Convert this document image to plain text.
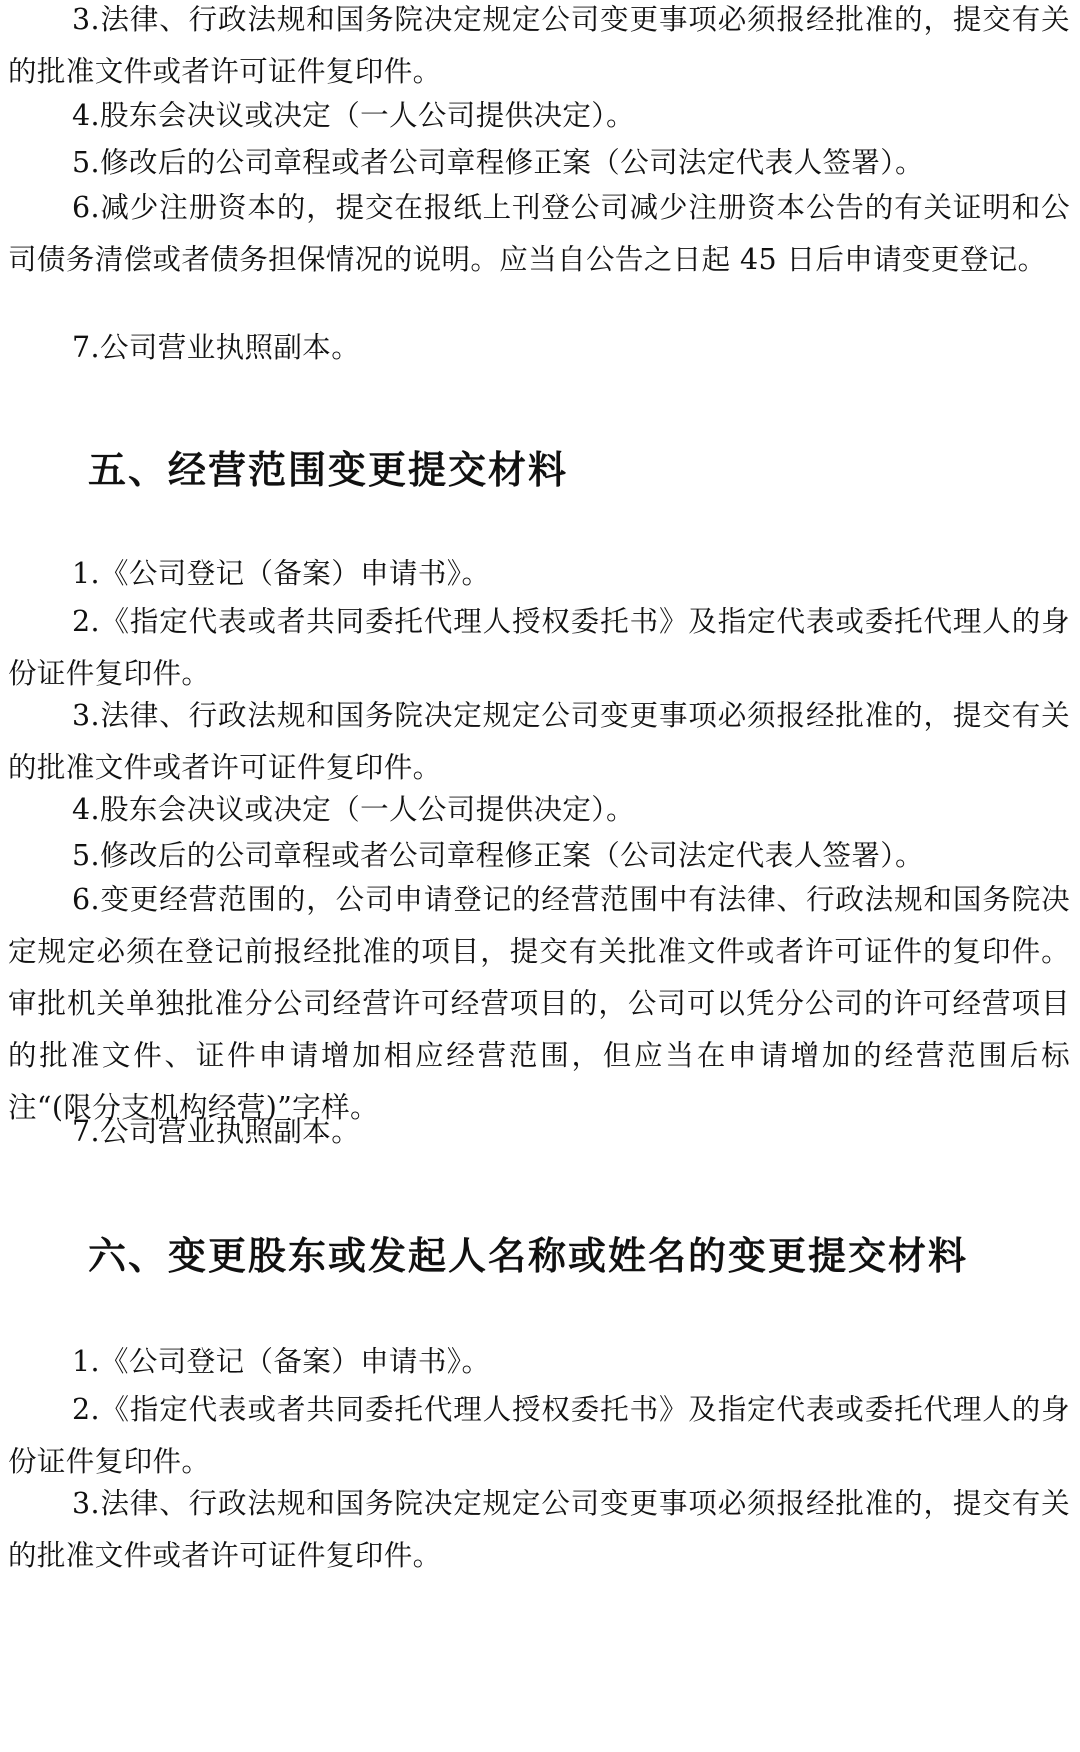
3.法律、行政法规和国务院决定规定公司变更事项必须报经批准的，提交有关的批准文件或者许可证件复印件。

4.股东会决议或决定（一人公司提供决定）。

5.修改后的公司章程或者公司章程修正案（公司法定代表人签署）。

6.减少注册资本的，提交在报纸上刊登公司减少注册资本公告的有关证明和公司债务清偿或者债务担保情况的说明。应当自公告之日起 45 日后申请变更登记。

7.公司营业执照副本。

五、经营范围变更提交材料

1.《公司登记（备案）申请书》。

2.《指定代表或者共同委托代理人授权委托书》及指定代表或委托代理人的身份证件复印件。

3.法律、行政法规和国务院决定规定公司变更事项必须报经批准的，提交有关的批准文件或者许可证件复印件。

4.股东会决议或决定（一人公司提供决定）。

5.修改后的公司章程或者公司章程修正案（公司法定代表人签署）。

6.变更经营范围的，公司申请登记的经营范围中有法律、行政法规和国务院决定规定必须在登记前报经批准的项目，提交有关批准文件或者许可证件的复印件。审批机关单独批准分公司经营许可经营项目的，公司可以凭分公司的许可经营项目的批准文件、证件申请增加相应经营范围，但应当在申请增加的经营范围后标注“(限分支机构经营)”字样。

7.公司营业执照副本。

六、变更股东或发起人名称或姓名的变更提交材料

1.《公司登记（备案）申请书》。

2.《指定代表或者共同委托代理人授权委托书》及指定代表或委托代理人的身份证件复印件。

3.法律、行政法规和国务院决定规定公司变更事项必须报经批准的，提交有关的批准文件或者许可证件复印件。
